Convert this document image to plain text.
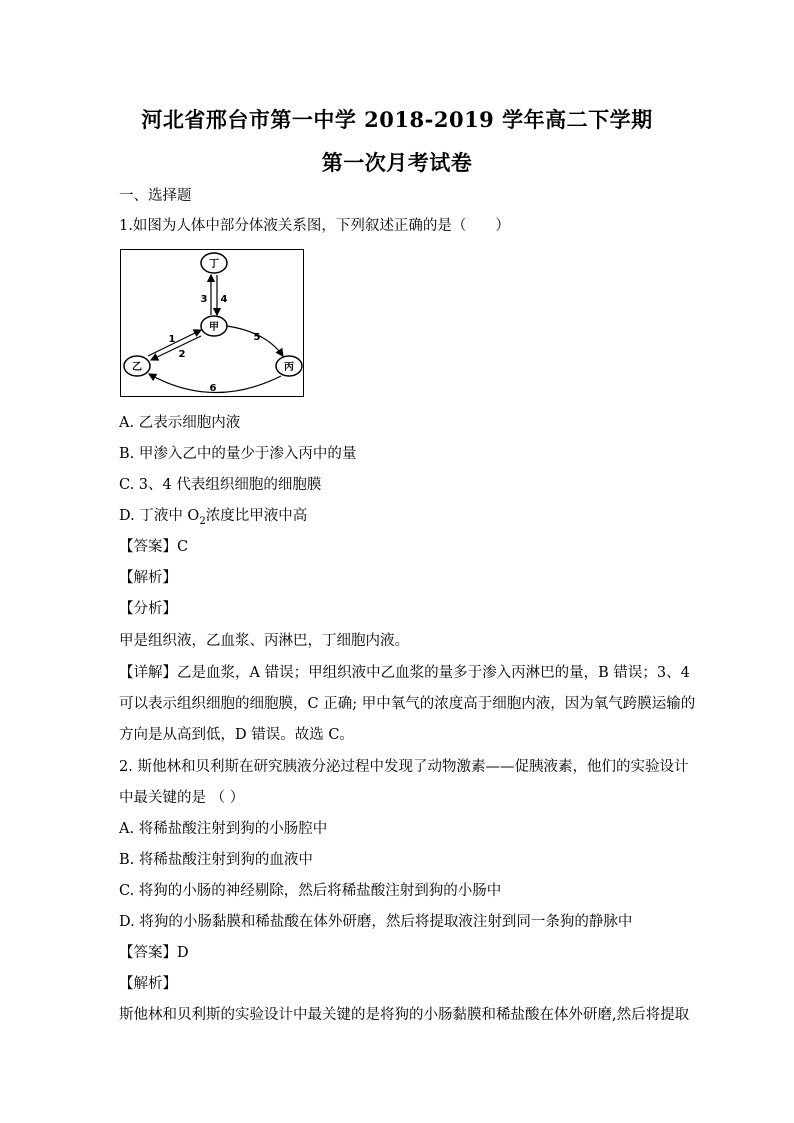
河北省邢台市第一中学 2018-2019 学年高二下学期
第一次月考试卷
一、选择题
1.如图为人体中部分体液关系图，下列叙述正确的是（　　）
丁
甲
乙	丙
3 4
1
2
5
6
A. 乙表示细胞内液
B. 甲渗入乙中的量少于渗入丙中的量
C. 3、4 代表组织细胞的细胞膜
D. 丁液中 $O_2$浓度比甲液中高
【答案】C
【解析】
【分析】
甲是组织液，乙血浆、丙淋巴，丁细胞内液。
【详解】乙是血浆，A 错误；甲组织液中乙血浆的量多于渗入丙淋巴的量，B 错误；3、4
可以表示组织细胞的细胞膜，C 正确; 甲中氧气的浓度高于细胞内液，因为氧气跨膜运输的
方向是从高到低，D 错误。故选 C。
2. 斯他林和贝利斯在研究胰液分泌过程中发现了动物激素——促胰液素，他们的实验设计
中最关键的是 （ ）
A. 将稀盐酸注射到狗的小肠腔中
B. 将稀盐酸注射到狗的血液中
C. 将狗的小肠的神经剔除，然后将稀盐酸注射到狗的小肠中
D. 将狗的小肠黏膜和稀盐酸在体外研磨，然后将提取液注射到同一条狗的静脉中
【答案】D
【解析】
斯他林和贝利斯的实验设计中最关键的是将狗的小肠黏膜和稀盐酸在体外研磨,然后将提取
